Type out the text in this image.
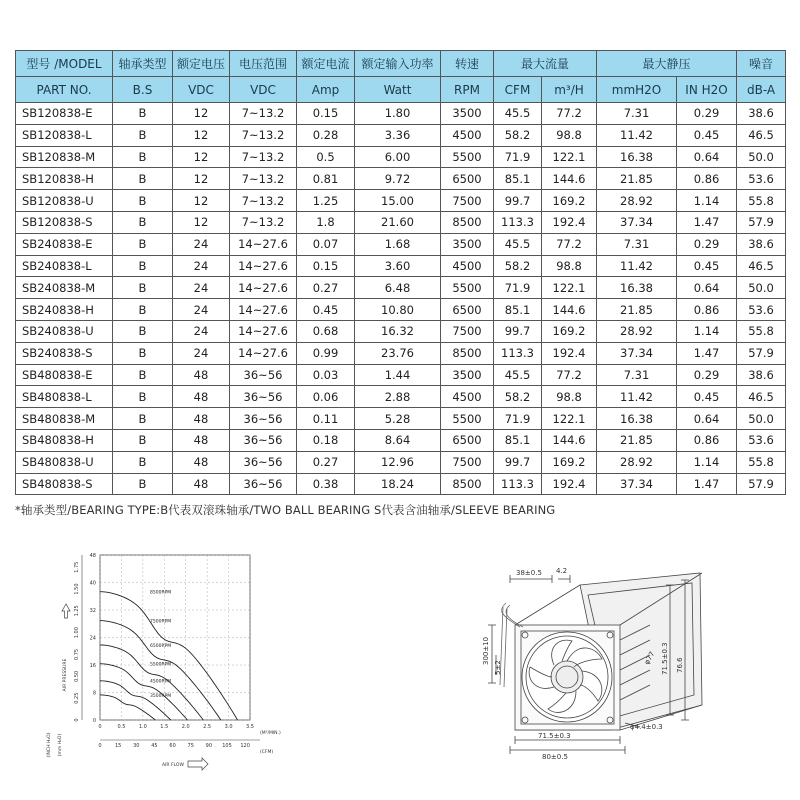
型号 /MODEL	轴承类型	额定电压	电压范围	额定电流	额定输入功率	转速	最大流量		最大静压		噪音
PART NO.	B.S	VDC	VDC	Amp	Watt	RPM	CFM	m³/H	mmH2O	IN H2O	dB-A
SB120838-E	B	12	7~13.2	0.15	1.80	3500	45.5	77.2	7.31	0.29	38.6
SB120838-L	B	12	7~13.2	0.28	3.36	4500	58.2	98.8	11.42	0.45	46.5
SB120838-M	B	12	7~13.2	0.5	6.00	5500	71.9	122.1	16.38	0.64	50.0
SB120838-H	B	12	7~13.2	0.81	9.72	6500	85.1	144.6	21.85	0.86	53.6
SB120838-U	B	12	7~13.2	1.25	15.00	7500	99.7	169.2	28.92	1.14	55.8
SB120838-S	B	12	7~13.2	1.8	21.60	8500	113.3	192.4	37.34	1.47	57.9
SB240838-E	B	24	14~27.6	0.07	1.68	3500	45.5	77.2	7.31	0.29	38.6
SB240838-L	B	24	14~27.6	0.15	3.60	4500	58.2	98.8	11.42	0.45	46.5
SB240838-M	B	24	14~27.6	0.27	6.48	5500	71.9	122.1	16.38	0.64	50.0
SB240838-H	B	24	14~27.6	0.45	10.80	6500	85.1	144.6	21.85	0.86	53.6
SB240838-U	B	24	14~27.6	0.68	16.32	7500	99.7	169.2	28.92	1.14	55.8
SB240838-S	B	24	14~27.6	0.99	23.76	8500	113.3	192.4	37.34	1.47	57.9
SB480838-E	B	48	36~56	0.03	1.44	3500	45.5	77.2	7.31	0.29	38.6
SB480838-L	B	48	36~56	0.06	2.88	4500	58.2	98.8	11.42	0.45	46.5
SB480838-M	B	48	36~56	0.11	5.28	5500	71.9	122.1	16.38	0.64	50.0
SB480838-H	B	48	36~56	0.18	8.64	6500	85.1	144.6	21.85	0.86	53.6
SB480838-U	B	48	36~56	0.27	12.96	7500	99.7	169.2	28.92	1.14	55.8
SB480838-S	B	48	36~56	0.38	18.24	8500	113.3	192.4	37.34	1.47	57.9
*轴承类型/BEARING TYPE:B代表双滚珠轴承/TWO BALL BEARING S代表含油轴承/SLEEVE BEARING
0	0.5	1.0	1.5	2.0	2.5	3.0	3.5
0	15 30 45 60 75 90 105 120
0
8
16
24
32
40
48
0
0.25
0.50
0.75
1.00
1.25
1.50
1.75
8500RPM
7500RPM
6500RPM
5500RPM
4500RPM
3500RPM
AIR PRESSURE
(INCH H₂O) (mm H₂O)
(M³/MIN.)
(CFM)
AIR FLOW
38±0.5 4.2
300±10
5±2
φ77 71.5±0.3 76.6
71.5±0.3
80±0.5
φ4.4±0.3
